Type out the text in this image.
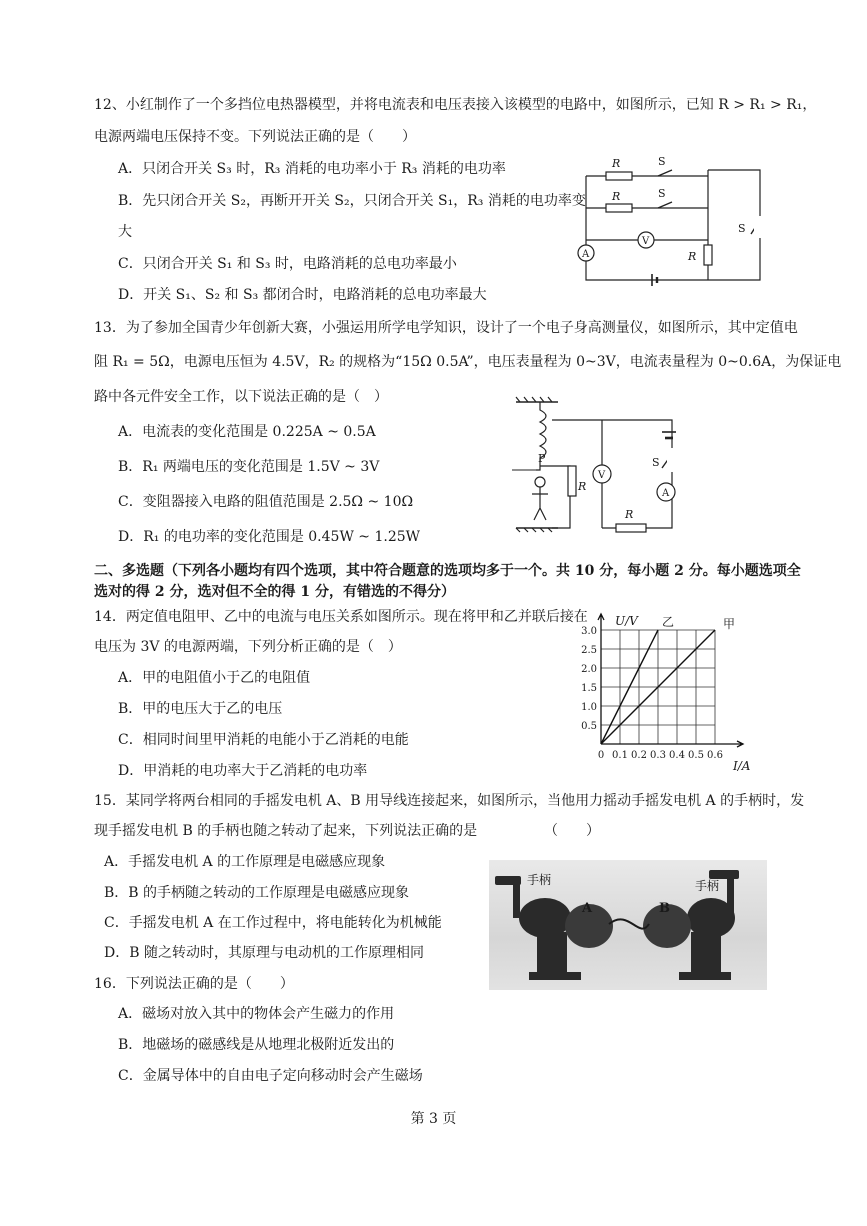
12、小红制作了一个多挡位电热器模型，并将电流表和电压表接入该模型的电路中，如图所示，已知 R > R₁ > R₁，
电源两端电压保持不变。下列说法正确的是（　　）
A．只闭合开关 S₃ 时，R₃ 消耗的电功率小于 R₃ 消耗的电功率
B．先只闭合开关 S₂，再断开开关 S₂，只闭合开关 S₁，R₃ 消耗的电功率变
大
C．只闭合开关 S₁ 和 S₃ 时，电路消耗的总电功率最小
D．开关 S₁、S₂ 和 S₃ 都闭合时，电路消耗的总电功率最大
R
R
S
S
V
A	R
S
13．为了参加全国青少年创新大赛，小强运用所学电学知识，设计了一个电子身高测量仪，如图所示，其中定值电
阻 R₁ = 5Ω，电源电压恒为 4.5V，R₂ 的规格为“15Ω 0.5A”，电压表量程为 0~3V，电流表量程为 0~0.6A，为保证电
路中各元件安全工作，以下说法正确的是（　）
A．电流表的变化范围是 0.225A ~ 0.5A
B．R₁ 两端电压的变化范围是 1.5V ~ 3V
C．变阻器接入电路的阻值范围是 2.5Ω ~ 10Ω
D．R₁ 的电功率的变化范围是 0.45W ~ 1.25W
P
R
V
S
A
R
二、多选题（下列各小题均有四个选项，其中符合题意的选项均多于一个。共 10 分，每小题 2 分。每小题选项全
选对的得 2 分，选对但不全的得 1 分，有错选的不得分）
14．两定值电阻甲、乙中的电流与电压关系如图所示。现在将甲和乙并联后接在
电压为 3V 的电源两端，下列分析正确的是（　）
A．甲的电阻值小于乙的电阻值
B．甲的电压大于乙的电压
C．相同时间里甲消耗的电能小于乙消耗的电能
D．甲消耗的电功率大于乙消耗的电功率
乙	甲
0 0.1 0.2 0.3 0.4 0.5 0.6
0.5
1.0
1.5
2.0
2.5
3.0
U/V
I/A
15．某同学将两台相同的手摇发电机 A、B 用导线连接起来，如图所示，当他用力摇动手摇发电机 A 的手柄时，发
现手摇发电机 B 的手柄也随之转动了起来，下列说法正确的是	（　　）
A．手摇发电机 A 的工作原理是电磁感应现象
B．B 的手柄随之转动的工作原理是电磁感应现象
C．手摇发电机 A 在工作过程中，将电能转化为机械能
D．B 随之转动时，其原理与电动机的工作原理相同
手柄	手柄
A	B
16．下列说法正确的是（　　）
A．磁场对放入其中的物体会产生磁力的作用
B．地磁场的磁感线是从地理北极附近发出的
C．金属导体中的自由电子定向移动时会产生磁场
第 3 页
